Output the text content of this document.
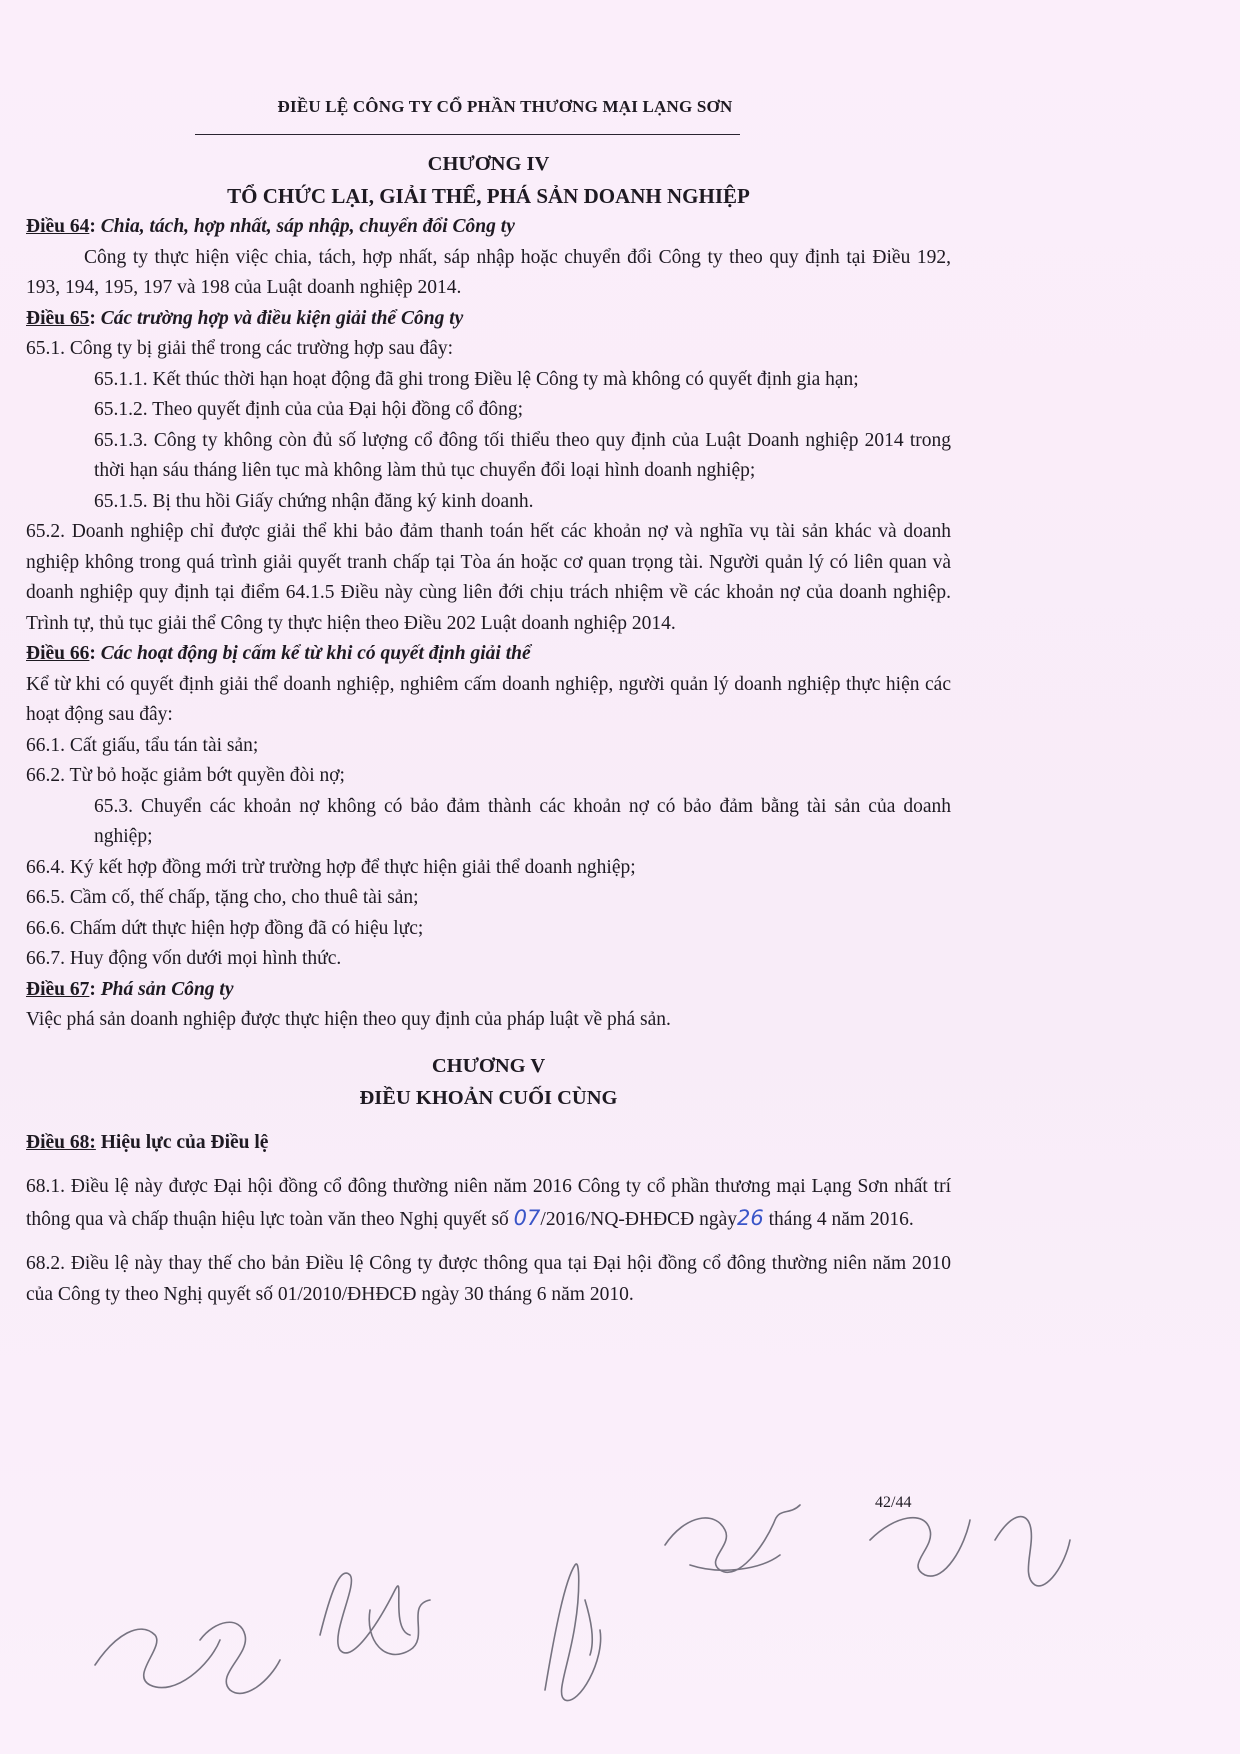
ĐIỀU LỆ CÔNG TY CỔ PHẦN THƯƠNG MẠI LẠNG SƠN
CHƯƠNG IV
TỔ CHỨC LẠI, GIẢI THỂ, PHÁ SẢN DOANH NGHIỆP

Điều 64: Chia, tách, hợp nhất, sáp nhập, chuyển đổi Công ty

Công ty thực hiện việc chia, tách, hợp nhất, sáp nhập hoặc chuyển đổi Công ty theo quy định tại Điều 192, 193, 194, 195, 197 và 198 của Luật doanh nghiệp 2014.

Điều 65: Các trường hợp và điều kiện giải thể Công ty

65.1. Công ty bị giải thể trong các trường hợp sau đây:

65.1.1. Kết thúc thời hạn hoạt động đã ghi trong Điều lệ Công ty mà không có quyết định gia hạn;

65.1.2. Theo quyết định của của Đại hội đồng cổ đông;

65.1.3. Công ty không còn đủ số lượng cổ đông tối thiểu theo quy định của Luật Doanh nghiệp 2014 trong thời hạn sáu tháng liên tục mà không làm thủ tục chuyển đổi loại hình doanh nghiệp;

65.1.5. Bị thu hồi Giấy chứng nhận đăng ký kinh doanh.

65.2. Doanh nghiệp chỉ được giải thể khi bảo đảm thanh toán hết các khoản nợ và nghĩa vụ tài sản khác và doanh nghiệp không trong quá trình giải quyết tranh chấp tại Tòa án hoặc cơ quan trọng tài. Người quản lý có liên quan và doanh nghiệp quy định tại điểm 64.1.5 Điều này cùng liên đới chịu trách nhiệm về các khoản nợ của doanh nghiệp. Trình tự, thủ tục giải thể Công ty thực hiện theo Điều 202 Luật doanh nghiệp 2014.

Điều 66: Các hoạt động bị cấm kể từ khi có quyết định giải thể

Kể từ khi có quyết định giải thể doanh nghiệp, nghiêm cấm doanh nghiệp, người quản lý doanh nghiệp thực hiện các hoạt động sau đây:

66.1. Cất giấu, tẩu tán tài sản;

66.2. Từ bỏ hoặc giảm bớt quyền đòi nợ;

65.3. Chuyển các khoản nợ không có bảo đảm thành các khoản nợ có bảo đảm bằng tài sản của doanh nghiệp;

66.4. Ký kết hợp đồng mới trừ trường hợp để thực hiện giải thể doanh nghiệp;

66.5. Cầm cố, thế chấp, tặng cho, cho thuê tài sản;

66.6. Chấm dứt thực hiện hợp đồng đã có hiệu lực;

66.7. Huy động vốn dưới mọi hình thức.

Điều 67: Phá sản Công ty

Việc phá sản doanh nghiệp được thực hiện theo quy định của pháp luật về phá sản.

CHƯƠNG V
ĐIỀU KHOẢN CUỐI CÙNG

Điều 68: Hiệu lực của Điều lệ

68.1. Điều lệ này được Đại hội đồng cổ đông thường niên năm 2016 Công ty cổ phần thương mại Lạng Sơn nhất trí thông qua và chấp thuận hiệu lực toàn văn theo Nghị quyết số 07/2016/NQ-ĐHĐCĐ ngày26 tháng 4 năm 2016.

68.2. Điều lệ này thay thế cho bản Điều lệ Công ty được thông qua tại Đại hội đồng cổ đông thường niên năm 2010 của Công ty theo Nghị quyết số 01/2010/ĐHĐCĐ ngày 30 tháng 6 năm 2010.

42/44
